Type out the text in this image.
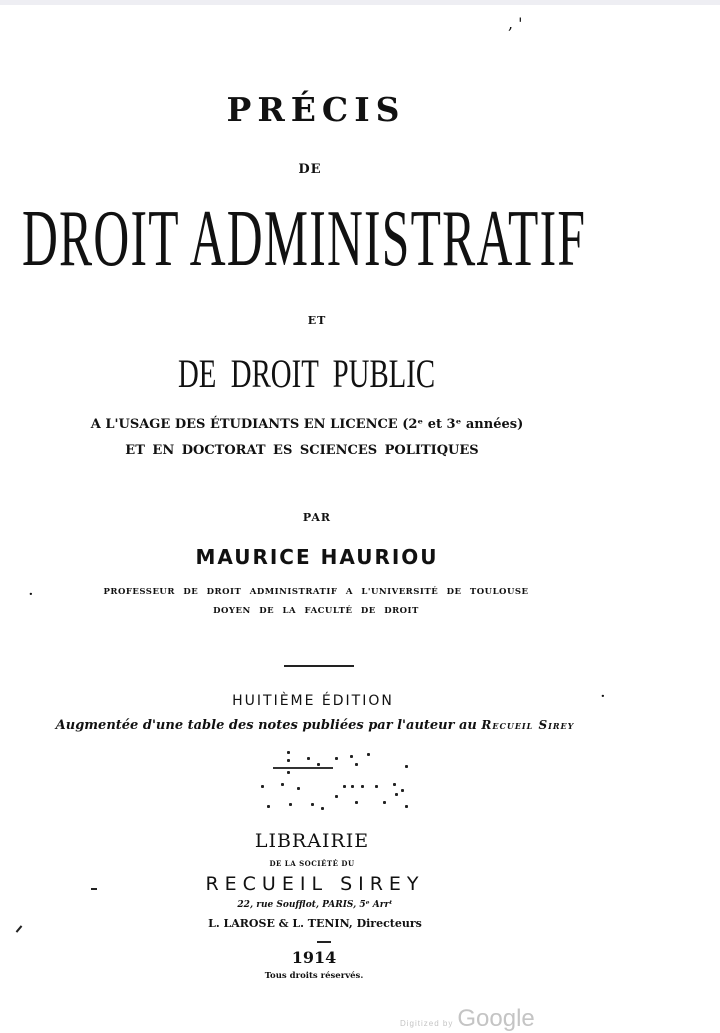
, '
·
·
PRÉCIS
DE
DROIT ADMINISTRATIF
ET
DE DROIT PUBLIC
A L'USAGE DES ÉTUDIANTS EN LICENCE (2ᵉ et 3ᵉ années)
ET EN DOCTORAT ES SCIENCES POLITIQUES
PAR
MAURICE HAURIOU
PROFESSEUR DE DROIT ADMINISTRATIF A L'UNIVERSITÉ DE TOULOUSE
DOYEN DE LA FACULTÉ DE DROIT
HUITIÈME ÉDITION
Augmentée d'une table des notes publiées par l'auteur au Recueil Sirey
LIBRAIRIE
DE LA SOCIÉTÉ DU
RECUEIL SIREY
22, rue Soufflot, PARIS, 5ᵉ Arrᵗ
L. LAROSE & L. TENIN, Directeurs
1914
Tous droits réservés.
Digitized by Google
